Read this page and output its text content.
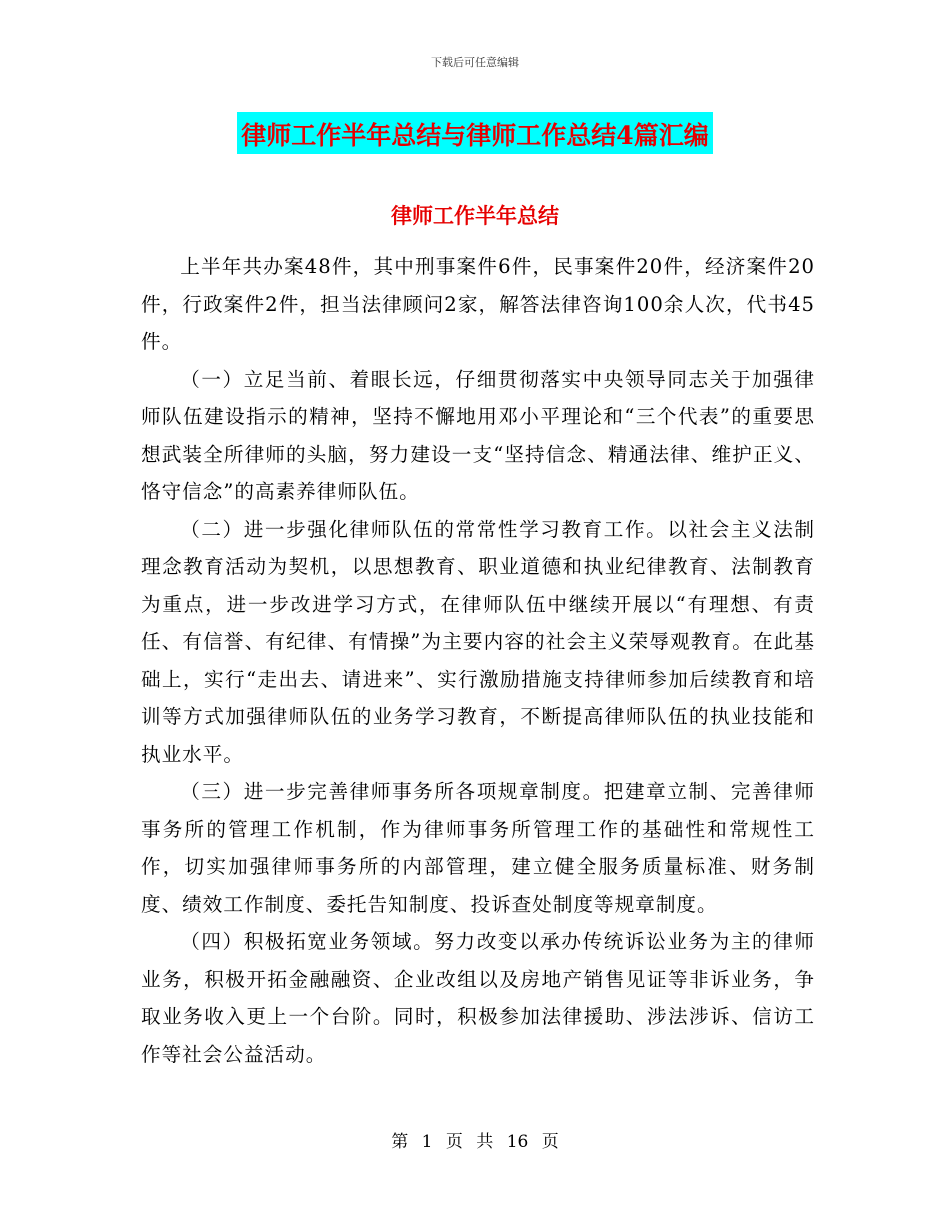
下载后可任意编辑
律师工作半年总结与律师工作总结4篇汇编
律师工作半年总结

上半年共办案48件，其中刑事案件6件，民事案件20件，经济案件20件，行政案件2件，担当法律顾问2家，解答法律咨询100余人次，代书45件。

（一）立足当前、着眼长远，仔细贯彻落实中央领导同志关于加强律师队伍建设指示的精神，坚持不懈地用邓小平理论和“三个代表”的重要思想武装全所律师的头脑，努力建设一支“坚持信念、精通法律、维护正义、恪守信念”的高素养律师队伍。

（二）进一步强化律师队伍的常常性学习教育工作。以社会主义法制理念教育活动为契机，以思想教育、职业道德和执业纪律教育、法制教育为重点，进一步改进学习方式，在律师队伍中继续开展以“有理想、有责任、有信誉、有纪律、有情操”为主要内容的社会主义荣辱观教育。在此基础上，实行“走出去、请进来”、实行激励措施支持律师参加后续教育和培训等方式加强律师队伍的业务学习教育，不断提高律师队伍的执业技能和执业水平。

（三）进一步完善律师事务所各项规章制度。把建章立制、完善律师事务所的管理工作机制，作为律师事务所管理工作的基础性和常规性工作，切实加强律师事务所的内部管理，建立健全服务质量标准、财务制度、绩效工作制度、委托告知制度、投诉查处制度等规章制度。

（四）积极拓宽业务领域。努力改变以承办传统诉讼业务为主的律师业务，积极开拓金融融资、企业改组以及房地产销售见证等非诉业务，争取业务收入更上一个台阶。同时，积极参加法律援助、涉法涉诉、信访工作等社会公益活动。

第 1 页 共 16 页
